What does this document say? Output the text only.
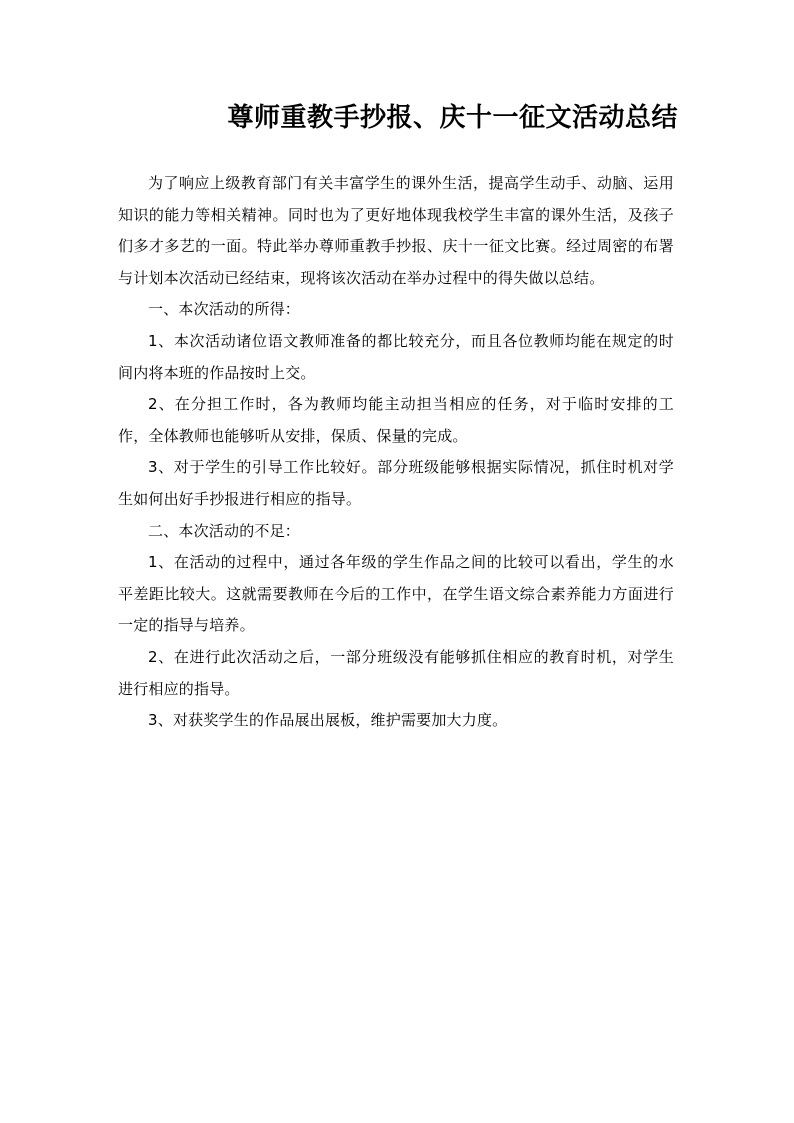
尊师重教手抄报、庆十一征文活动总结

为了响应上级教育部门有关丰富学生的课外生活，提高学生动手、动脑、运用知识的能力等相关精神。同时也为了更好地体现我校学生丰富的课外生活，及孩子们多才多艺的一面。特此举办尊师重教手抄报、庆十一征文比赛。经过周密的布署与计划本次活动已经结束，现将该次活动在举办过程中的得失做以总结。

一、本次活动的所得：

1、本次活动诸位语文教师准备的都比较充分，而且各位教师均能在规定的时间内将本班的作品按时上交。

2、在分担工作时，各为教师均能主动担当相应的任务，对于临时安排的工作，全体教师也能够听从安排，保质、保量的完成。

3、对于学生的引导工作比较好。部分班级能够根据实际情况，抓住时机对学生如何出好手抄报进行相应的指导。

二、本次活动的不足：

1、在活动的过程中，通过各年级的学生作品之间的比较可以看出，学生的水平差距比较大。这就需要教师在今后的工作中，在学生语文综合素养能力方面进行一定的指导与培养。

2、在进行此次活动之后，一部分班级没有能够抓住相应的教育时机，对学生进行相应的指导。

3、对获奖学生的作品展出展板，维护需要加大力度。
